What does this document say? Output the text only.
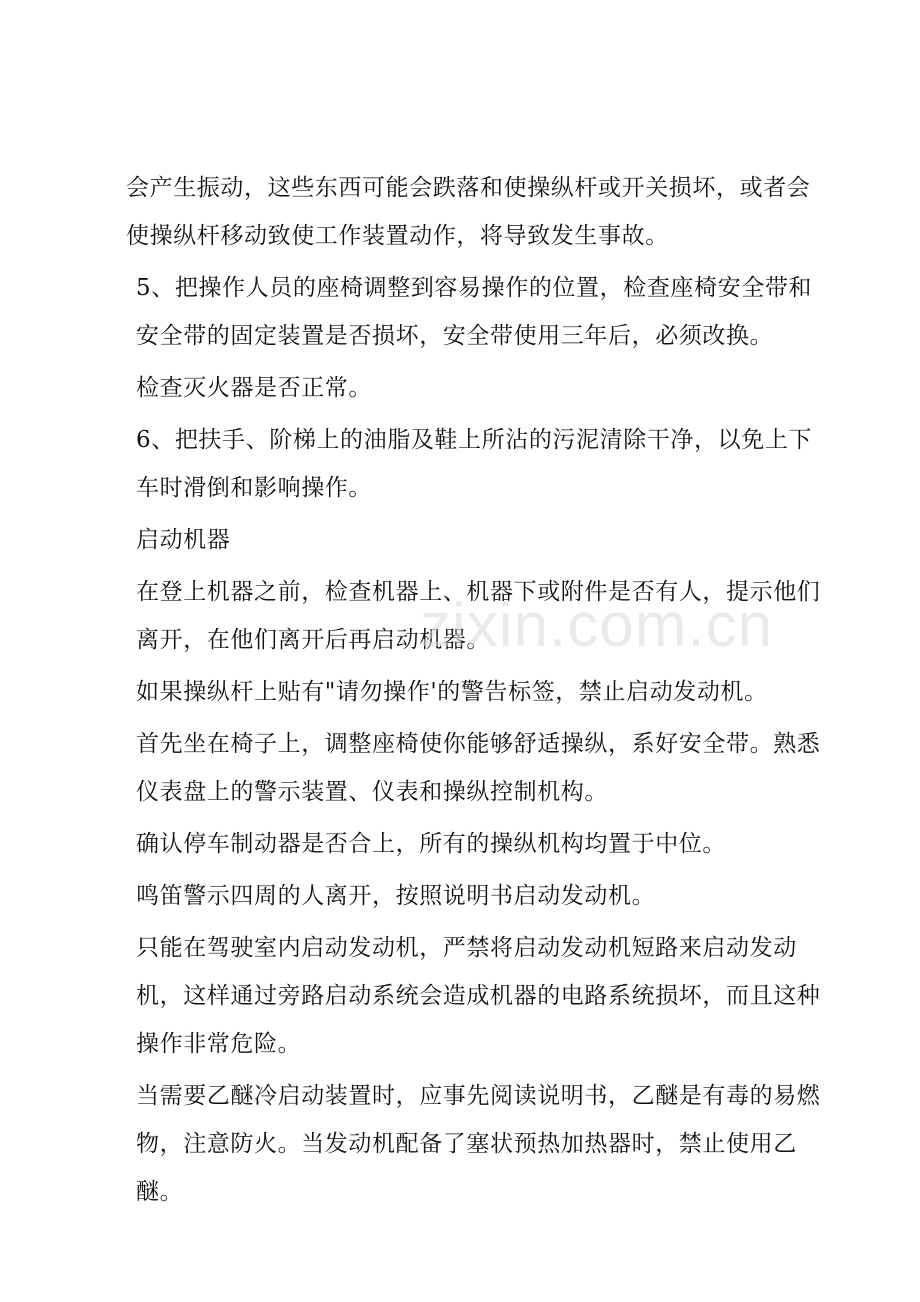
会产生振动，这些东西可能会跌落和使操纵杆或开关损坏，或者会使操纵杆移动致使工作装置动作，将导致发生事故。

5、把操作人员的座椅调整到容易操作的位置，检查座椅安全带和安全带的固定装置是否损坏，安全带使用三年后，必须改换。

检查灭火器是否正常。

6、把扶手、阶梯上的油脂及鞋上所沾的污泥清除干净，以免上下车时滑倒和影响操作。

启动机器

在登上机器之前，检查机器上、机器下或附件是否有人，提示他们离开，在他们离开后再启动机器。

如果操纵杆上贴有"请勿操作'的警告标签，禁止启动发动机。

首先坐在椅子上，调整座椅使你能够舒适操纵，系好安全带。熟悉仪表盘上的警示装置、仪表和操纵控制机构。

确认停车制动器是否合上，所有的操纵机构均置于中位。

鸣笛警示四周的人离开，按照说明书启动发动机。

只能在驾驶室内启动发动机，严禁将启动发动机短路来启动发动机，这样通过旁路启动系统会造成机器的电路系统损坏，而且这种操作非常危险。

当需要乙醚冷启动装置时，应事先阅读说明书，乙醚是有毒的易燃物，注意防火。当发动机配备了塞状预热加热器时，禁止使用乙醚。

zixin.com.cn
